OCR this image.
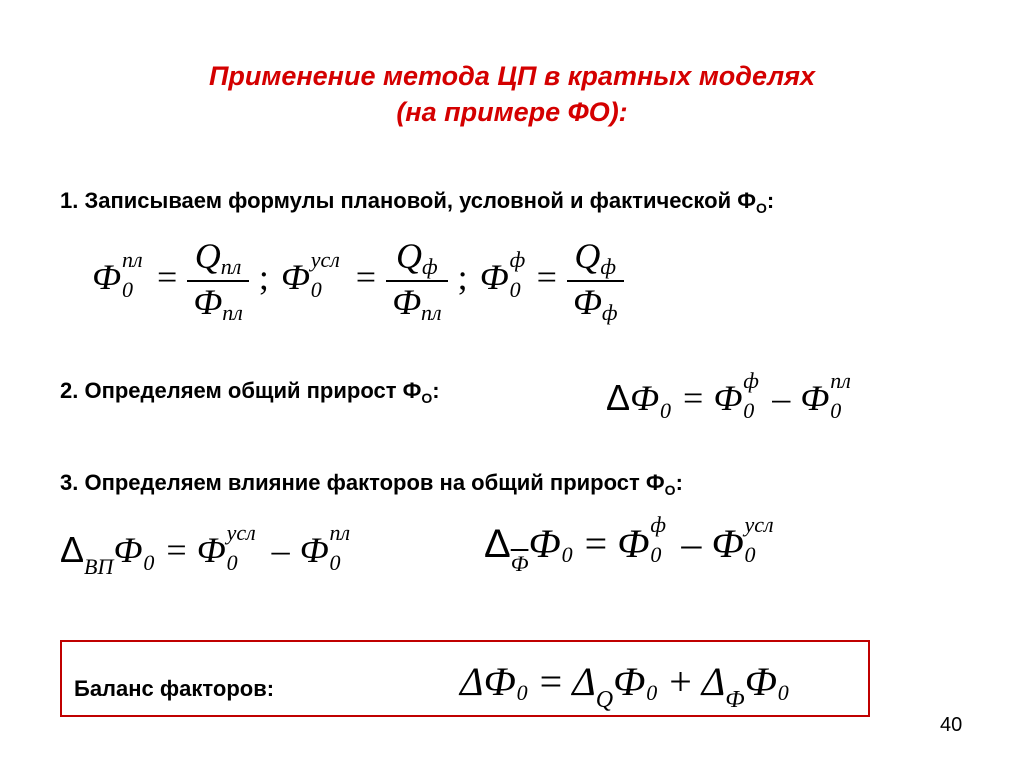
Применение метода ЦП в кратных моделях
(на примере ФО):
1. Записываем формулы плановой, условной и фактической $Ф_О$:
Ф пл
$0 = \frac{Q_{пл}}{Ф_{пл}}$ ; Ф усл
$0 = \frac{Q_ф}{Ф_{пл}}$ ; Ф ф
$0 = \frac{Q_ф}{Ф_ф}$
2. Определяем общий прирост $Ф_О$:	ΔФ 0 = Ф ф
0 – Ф пл
0
3. Определяем влияние факторов на общий прирост $Ф_О$:
$\Delta_{ВП}Ф$ 0 = Ф усл
0 – Ф пл
0	$\Delta_ФФ$ 0 = Ф ф
0 – Ф усл
0
Баланс факторов:	ΔФ $0 = \Delta_QФ$ $0 + \Delta_ФФ$ 0
40
